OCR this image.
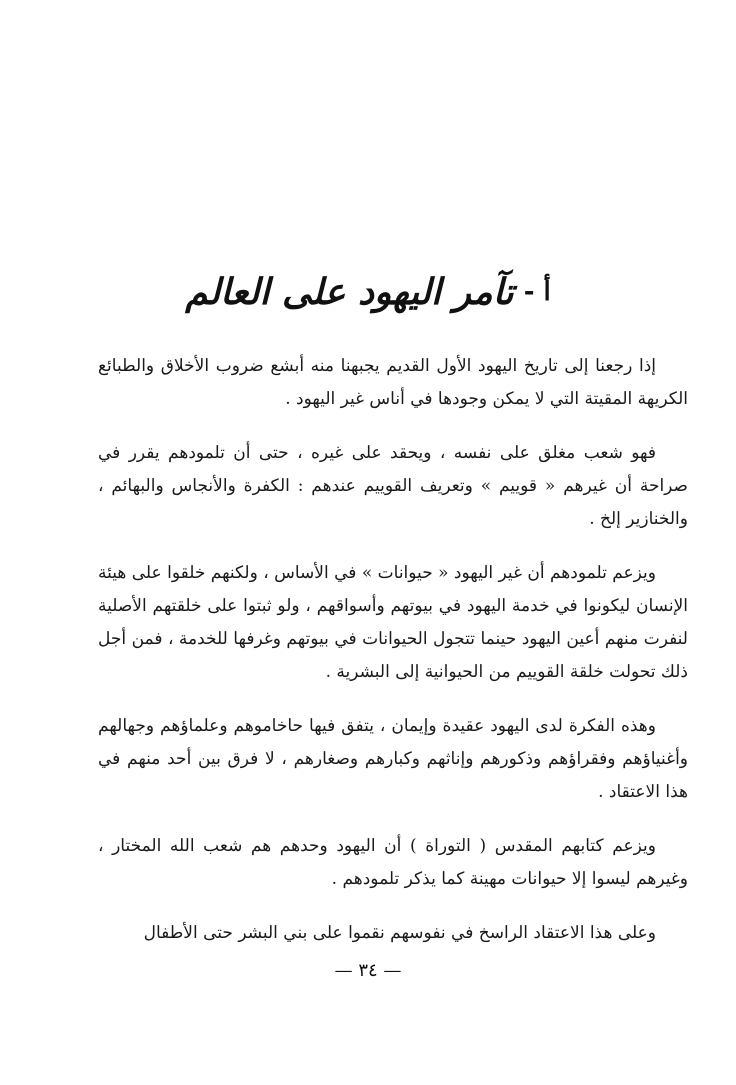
أ -
تآمر اليهود على العالم

إذا رجعنا إلى تاريخ اليهود الأول القديم يجبهنا منه أبشع ضروب الأخلاق والطبائع الكريهة المقيتة التي لا يمكن وجودها في أناس غير اليهود .

فهو شعب مغلق على نفسه ، ويحقد على غيره ، حتى أن تلمودهم يقرر في صراحة أن غيرهم « قوييم » وتعريف القوييم عندهم : الكفرة والأنجاس والبهائم ، والخنازير إلخ .

ويزعم تلمودهم أن غير اليهود « حيوانات » في الأساس ، ولكنهم خلقوا على هيئة الإنسان ليكونوا في خدمة اليهود في بيوتهم وأسواقهم ، ولو ثبتوا على خلقتهم الأصلية لنفرت منهم أعين اليهود حينما تتجول الحيوانات في بيوتهم وغرفها للخدمة ، فمن أجل ذلك تحولت خلقة القوييم من الحيوانية إلى البشرية .

وهذه الفكرة لدى اليهود عقيدة وإيمان ، يتفق فيها حاخاموهم وعلماؤهم وجهالهم وأغنياؤهم وفقراؤهم وذكورهم وإناثهم وكبارهم وصغارهم ، لا فرق بين أحد منهم في هذا الاعتقاد .

ويزعم كتابهم المقدس ( التوراة ) أن اليهود وحدهم هم شعب الله المختار ، وغيرهم ليسوا إلا حيوانات مهينة كما يذكر تلمودهم .

وعلى هذا الاعتقاد الراسخ في نفوسهم نقموا على بني البشر حتى الأطفال

— ٣٤ —
